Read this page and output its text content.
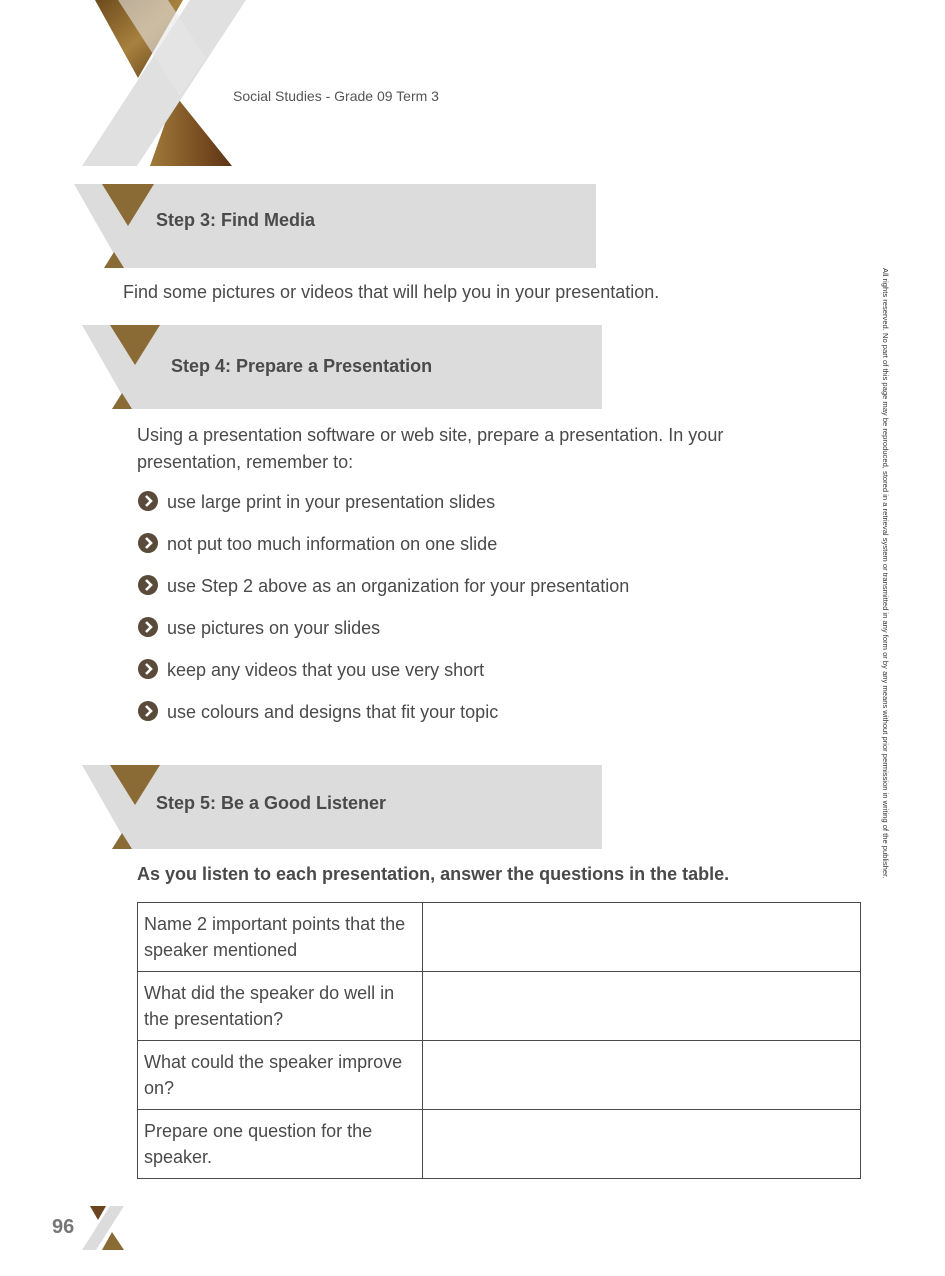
Social Studies - Grade 09 Term 3
Step 3: Find Media
Find some pictures or videos that will help you in your presentation.
Step 4: Prepare a Presentation
Using a presentation software or web site, prepare a presentation. In your
presentation, remember to:
use large print in your presentation slides
not put too much information on one slide
use Step 2 above as an organization for your presentation
use pictures on your slides
keep any videos that you use very short
use colours and designs that fit your topic
Step 5: Be a Good Listener
As you listen to each presentation, answer the questions in the table.
Name 2 important points that the speaker mentioned	
What did the speaker do well in the presentation?	
What could the speaker improve on?	
Prepare one question for the speaker.	
All rights reserved. No part of this page may be reproduced, stored in a retrieval system or transmitted in any form or by any means without prior permission in writing of the publisher.
96
